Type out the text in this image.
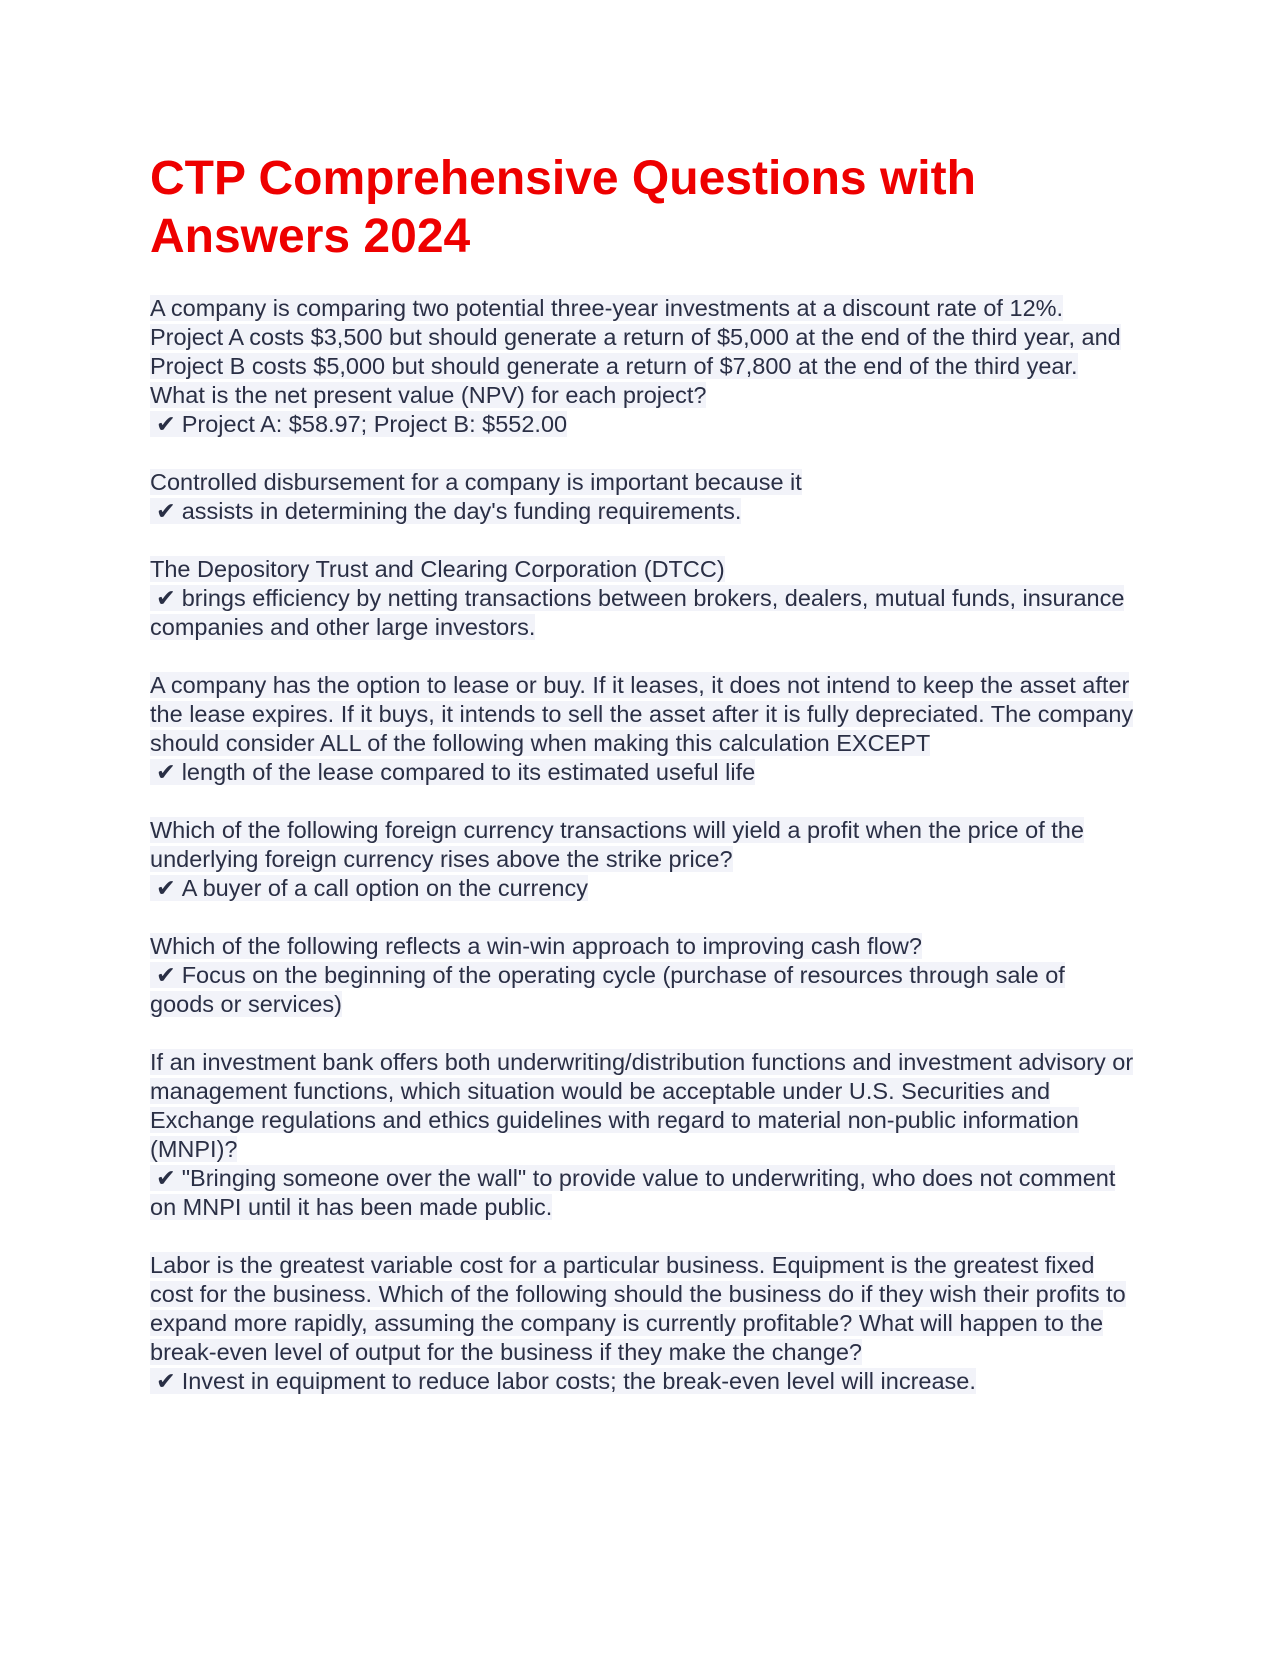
CTP Comprehensive Questions with Answers 2024
A company is comparing two potential three-year investments at a discount rate of 12%. Project A costs $3,500 but should generate a return of $5,000 at the end of the third year, and Project B costs $5,000 but should generate a return of $7,800 at the end of the third year. What is the net present value (NPV) for each project?
✔ Project A: $58.97; Project B: $552.00
Controlled disbursement for a company is important because it
✔ assists in determining the day's funding requirements.
The Depository Trust and Clearing Corporation (DTCC)
✔ brings efficiency by netting transactions between brokers, dealers, mutual funds, insurance companies and other large investors.
A company has the option to lease or buy. If it leases, it does not intend to keep the asset after the lease expires. If it buys, it intends to sell the asset after it is fully depreciated. The company should consider ALL of the following when making this calculation EXCEPT
✔ length of the lease compared to its estimated useful life
Which of the following foreign currency transactions will yield a profit when the price of the underlying foreign currency rises above the strike price?
✔ A buyer of a call option on the currency
Which of the following reflects a win-win approach to improving cash flow?
✔ Focus on the beginning of the operating cycle (purchase of resources through sale of goods or services)
If an investment bank offers both underwriting/distribution functions and investment advisory or management functions, which situation would be acceptable under U.S. Securities and Exchange regulations and ethics guidelines with regard to material non-public information (MNPI)?
✔ "Bringing someone over the wall" to provide value to underwriting, who does not comment on MNPI until it has been made public.
Labor is the greatest variable cost for a particular business. Equipment is the greatest fixed cost for the business. Which of the following should the business do if they wish their profits to expand more rapidly, assuming the company is currently profitable? What will happen to the break-even level of output for the business if they make the change?
✔ Invest in equipment to reduce labor costs; the break-even level will increase.
